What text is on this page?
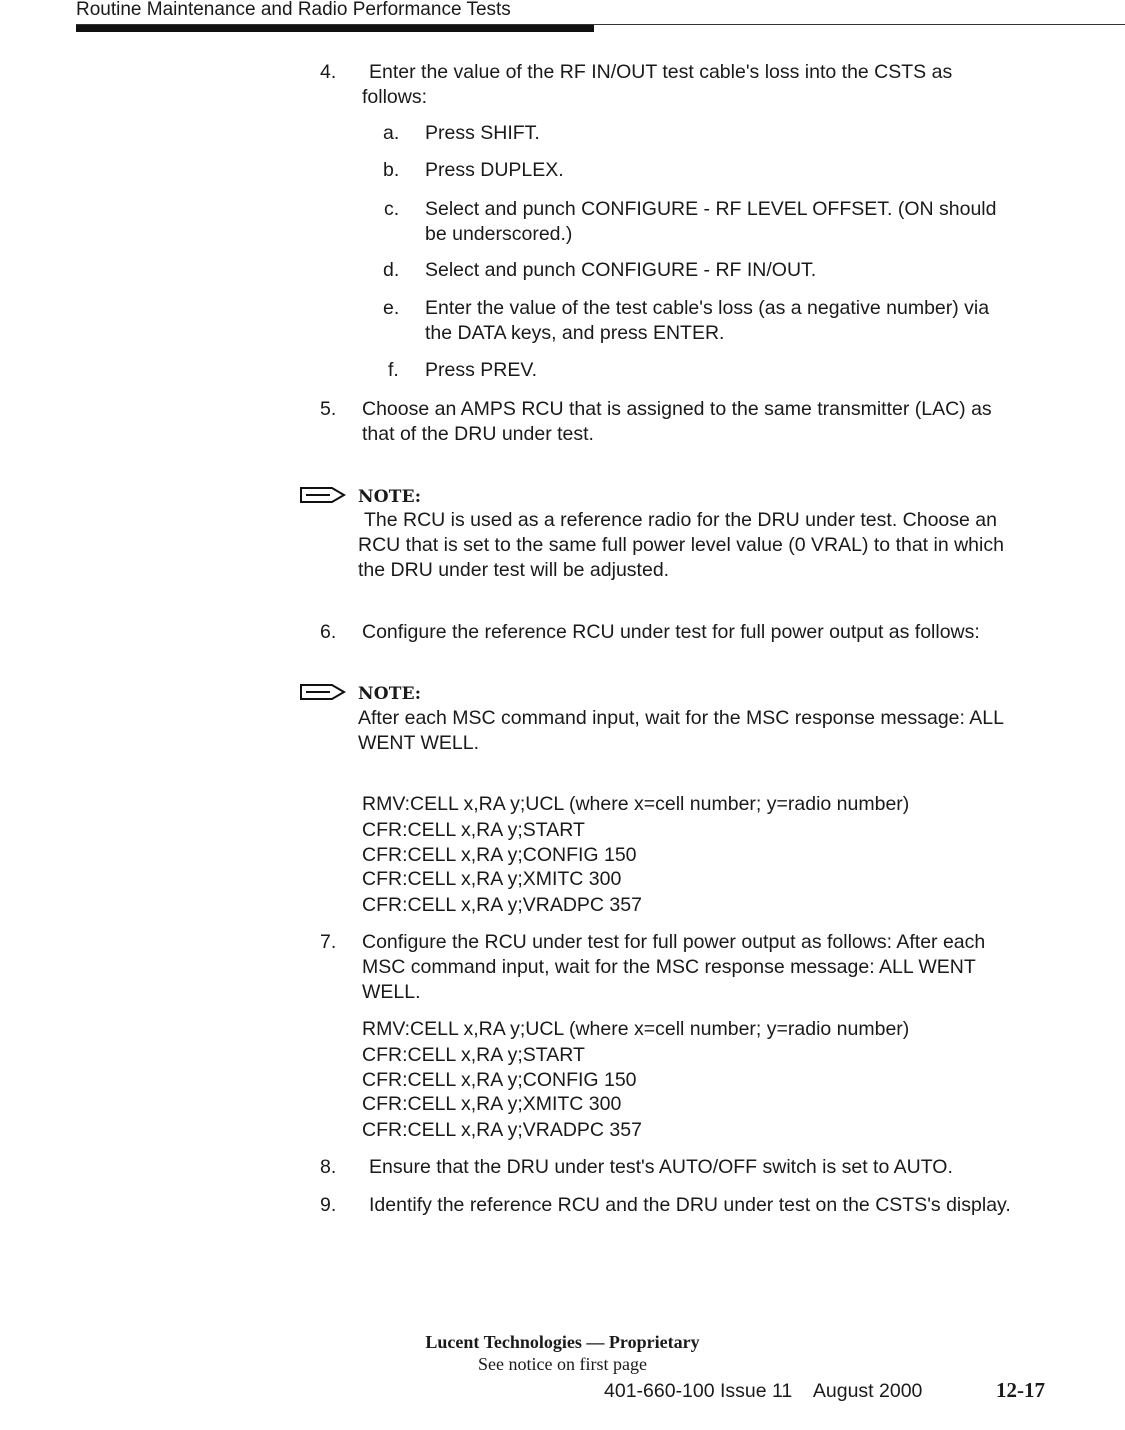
Routine Maintenance and Radio Performance Tests
4. Enter the value of the RF IN/OUT test cable's loss into the CSTS as
follows:
a. Press SHIFT.
b. Press DUPLEX.
c. Select and punch CONFIGURE - RF LEVEL OFFSET. (ON should
be underscored.)
d. Select and punch CONFIGURE - RF IN/OUT.
e. Enter the value of the test cable's loss (as a negative number) via
the DATA keys, and press ENTER.
f. Press PREV.
5. Choose an AMPS RCU that is assigned to the same transmitter (LAC) as
that of the DRU under test.
NOTE:
The RCU is used as a reference radio for the DRU under test. Choose an
RCU that is set to the same full power level value (0 VRAL) to that in which
the DRU under test will be adjusted.
6. Configure the reference RCU under test for full power output as follows:
NOTE:
After each MSC command input, wait for the MSC response message: ALL
WENT WELL.
RMV:CELL x,RA y;UCL (where x=cell number; y=radio number)
CFR:CELL x,RA y;START
CFR:CELL x,RA y;CONFIG 150
CFR:CELL x,RA y;XMITC 300
CFR:CELL x,RA y;VRADPC 357
7. Configure the RCU under test for full power output as follows: After each
MSC command input, wait for the MSC response message: ALL WENT
WELL.
RMV:CELL x,RA y;UCL (where x=cell number; y=radio number)
CFR:CELL x,RA y;START
CFR:CELL x,RA y;CONFIG 150
CFR:CELL x,RA y;XMITC 300
CFR:CELL x,RA y;VRADPC 357
8. Ensure that the DRU under test's AUTO/OFF switch is set to AUTO.
9. Identify the reference RCU and the DRU under test on the CSTS's display.
Lucent Technologies — Proprietary
See notice on first page
401-660-100 Issue 11    August 2000	12-17
